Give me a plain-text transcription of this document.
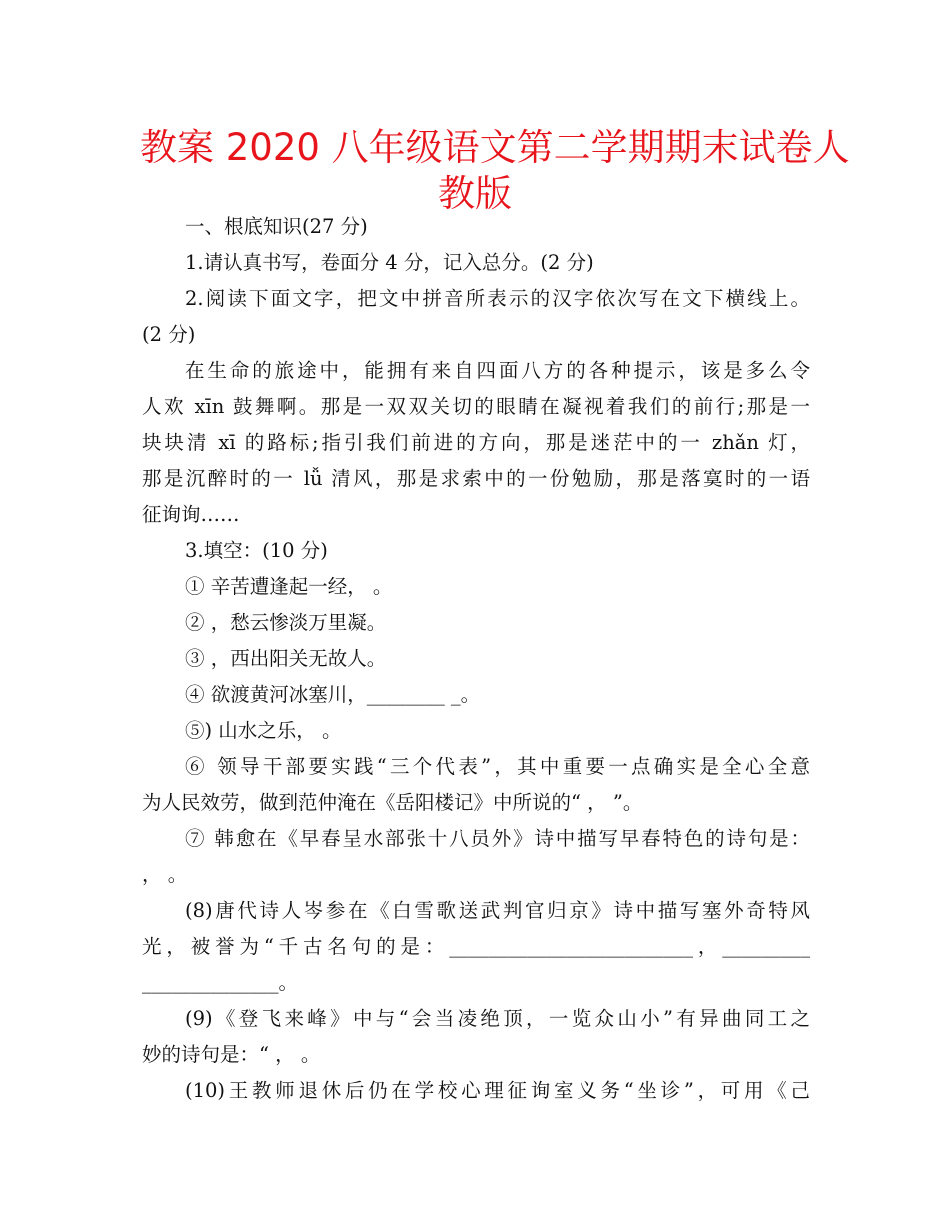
教案 2020 八年级语文第二学期期末试卷人
教版
一、根底知识(27 分)
1.请认真书写，卷面分 4 分，记入总分。(2 分)
2.阅读下面文字，把文中拼音所表示的汉字依次写在文下横线上。
(2 分)
在生命的旅途中，能拥有来自四面八方的各种提示，该是多么令
人欢 xīn 鼓舞啊。那是一双双关切的眼睛在凝视着我们的前行;那是一
块块清 xī 的路标;指引我们前进的方向，那是迷茫中的一 zhǎn 灯，
那是沉醉时的一 lǚ 清风，那是求索中的一份勉励，那是落寞时的一语
征询询……
3.填空：(10 分)
① 辛苦遭逢起一经， 。
② ，愁云惨淡万里凝。
③ ，西出阳关无故人。
④ 欲渡黄河冰塞川，________ _。
⑤) 山水之乐， 。
⑥ 领导干部要实践“三个代表”，其中重要一点确实是全心全意
为人民效劳，做到范仲淹在《岳阳楼记》中所说的“ ， ”。
⑦ 韩愈在《早春呈水部张十八员外》诗中描写早春特色的诗句是：
， 。
(8)唐代诗人岑参在《白雪歌送武判官归京》诗中描写塞外奇特风
光，被誉为“千古名句的是：_________________________，_________
______________。
(9)《登飞来峰》中与“会当凌绝顶，一览众山小”有异曲同工之
妙的诗句是：“ ， 。
(10)王教师退休后仍在学校心理征询室义务“坐诊”，可用《己
